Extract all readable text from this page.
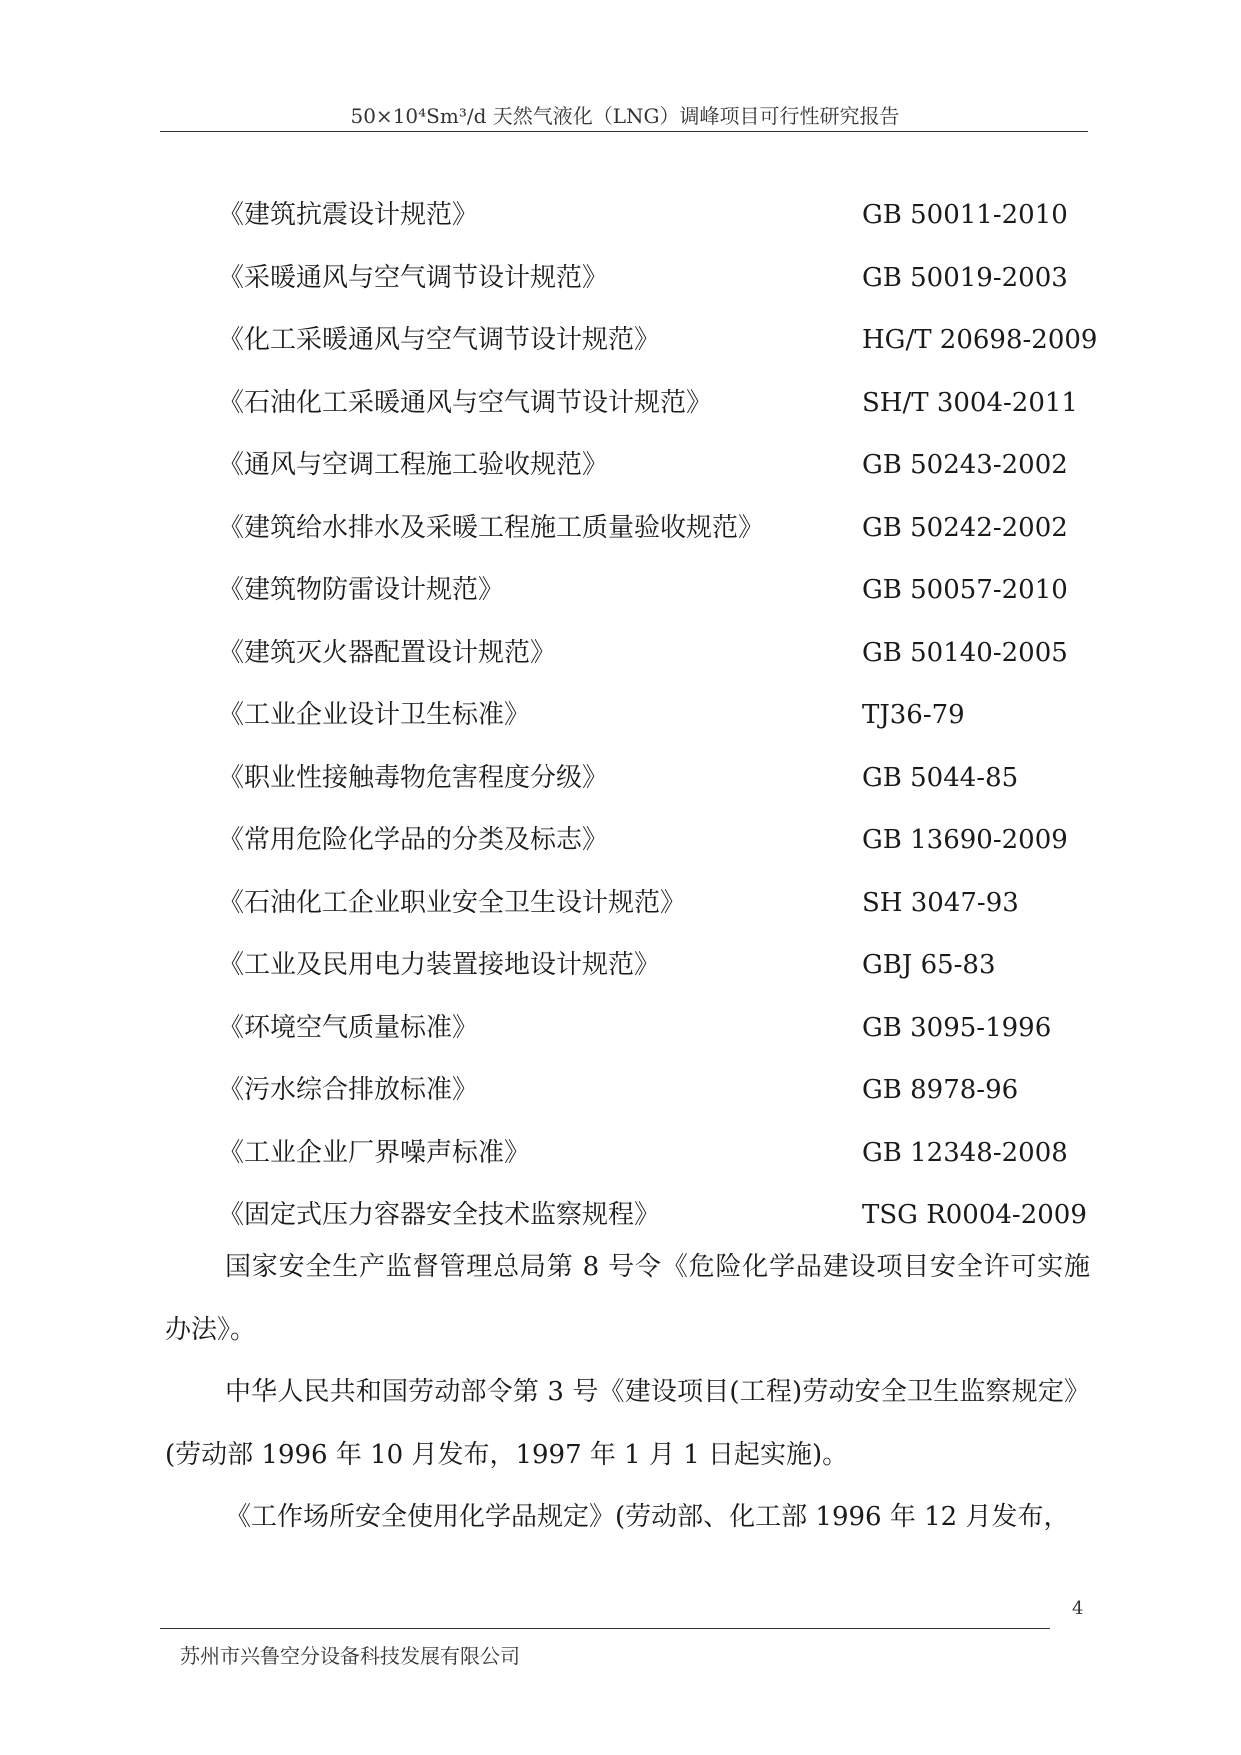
50×10⁴Sm³/d 天然气液化（LNG）调峰项目可行性研究报告
《建筑抗震设计规范》	GB 50011-2010
《采暖通风与空气调节设计规范》	GB 50019-2003
《化工采暖通风与空气调节设计规范》	HG/T 20698-2009
《石油化工采暖通风与空气调节设计规范》	SH/T 3004-2011
《通风与空调工程施工验收规范》	GB 50243-2002
《建筑给水排水及采暖工程施工质量验收规范》	GB 50242-2002
《建筑物防雷设计规范》	GB 50057-2010
《建筑灭火器配置设计规范》	GB 50140-2005
《工业企业设计卫生标准》	TJ36-79
《职业性接触毒物危害程度分级》	GB 5044-85
《常用危险化学品的分类及标志》	GB 13690-2009
《石油化工企业职业安全卫生设计规范》	SH 3047-93
《工业及民用电力装置接地设计规范》	GBJ 65-83
《环境空气质量标准》	GB 3095-1996
《污水综合排放标准》	GB 8978-96
《工业企业厂界噪声标准》	GB 12348-2008
《固定式压力容器安全技术监察规程》	TSG R0004-2009

国家安全生产监督管理总局第 8 号令《危险化学品建设项目安全许可实施办法》。

中华人民共和国劳动部令第 3 号《建设项目(工程)劳动安全卫生监察规定》(劳动部 1996 年 10 月发布，1997 年 1 月 1 日起实施)。

《工作场所安全使用化学品规定》(劳动部、化工部 1996 年 12 月发布，

4
苏州市兴鲁空分设备科技发展有限公司
